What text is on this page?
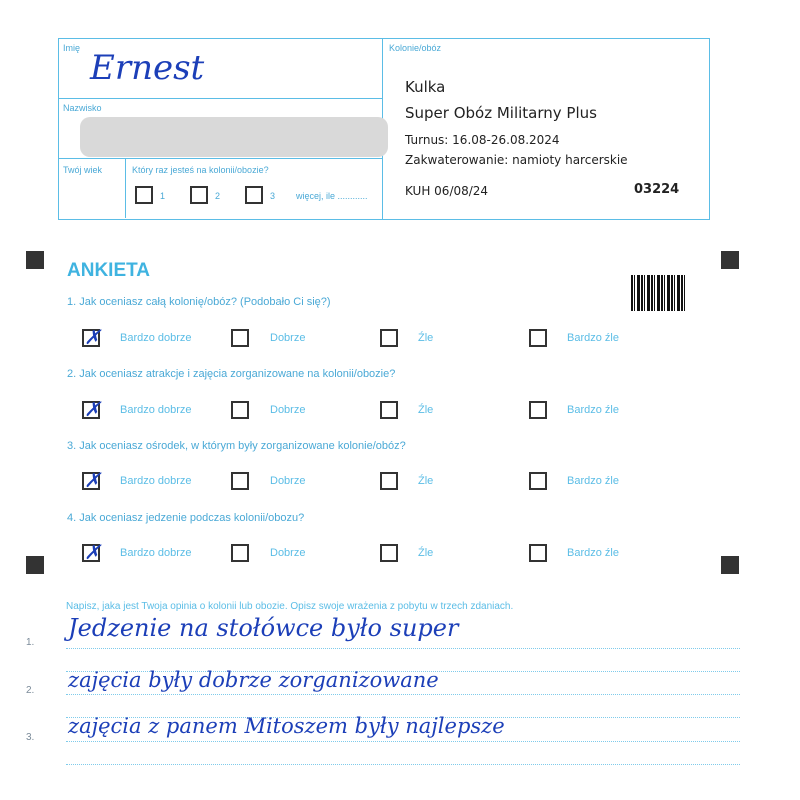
Imię Ernest
Nazwisko
Twój wiek	Który raz jesteś na kolonii/obozie?
1	2	3 więcej, ile ............
Kolonie/obóz
Kulka
Super Obóz Militarny Plus
Turnus: 16.08-26.08.2024
Zakwaterowanie: namioty harcerskie
KUH 06/08/24	03224
ANKIETA
1. Jak oceniasz całą kolonię/obóz? (Podobało Ci się?)
✗ Bardzo dobrze	Dobrze	Źle	Bardzo źle
2. Jak oceniasz atrakcje i zajęcia zorganizowane na kolonii/obozie?
✗ Bardzo dobrze	Dobrze	Źle	Bardzo źle
3. Jak oceniasz ośrodek, w którym były zorganizowane kolonie/obóz?
✗ Bardzo dobrze	Dobrze	Źle	Bardzo źle
4. Jak oceniasz jedzenie podczas kolonii/obozu?
✗ Bardzo dobrze	Dobrze	Źle	Bardzo źle
Napisz, jaka jest Twoja opinia o kolonii lub obozie. Opisz swoje wrażenia z pobytu w trzech zdaniach.
1.
Jedzenie na stołówce było super
2. zajęcia były dobrze zorganizowane
3. zajęcia z panem Mitoszem były najlepsze
